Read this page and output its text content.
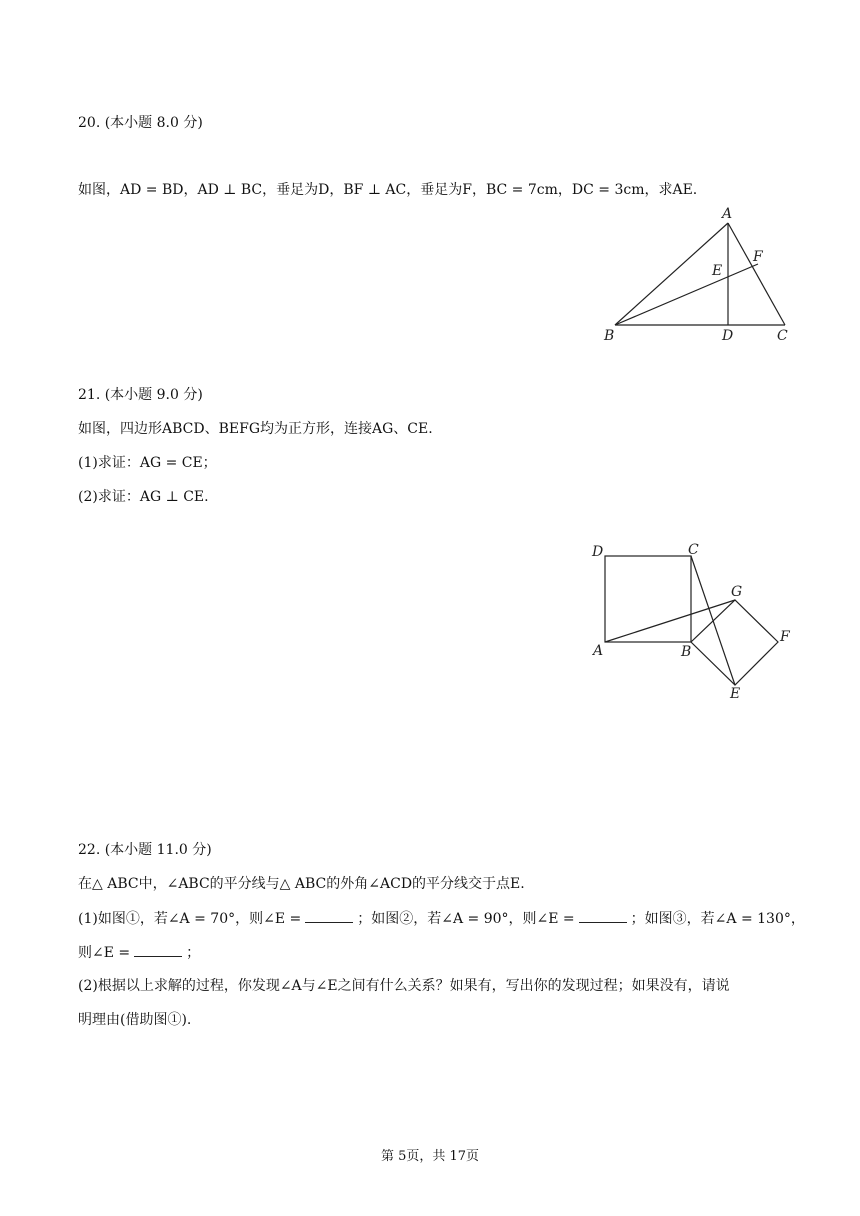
20. (本小题 8.0 分)
如图，AD = BD，AD ⊥ BC，垂足为D，BF ⊥ AC，垂足为F，BC = 7cm，DC = 3cm，求AE.
A
B	C
D
E
F
21. (本小题 9.0 分)
如图，四边形ABCD、BEFG均为正方形，连接AG、CE.
(1)求证：AG = CE；
(2)求证：AG ⊥ CE.
D	C
G
F
A	B
E
22. (本小题 11.0 分)
在△ ABC中，∠ABC的平分线与△ ABC的外角∠ACD的平分线交于点E.
(1)如图①，若∠A = 70°，则∠E =	；如图②，若∠A = 90°，则∠E =	；如图③，若∠A = 130°，
则∠E =	；
(2)根据以上求解的过程，你发现∠A与∠E之间有什么关系？如果有，写出你的发现过程；如果没有，请说
明理由(借助图①).
第 5页，共 17页
